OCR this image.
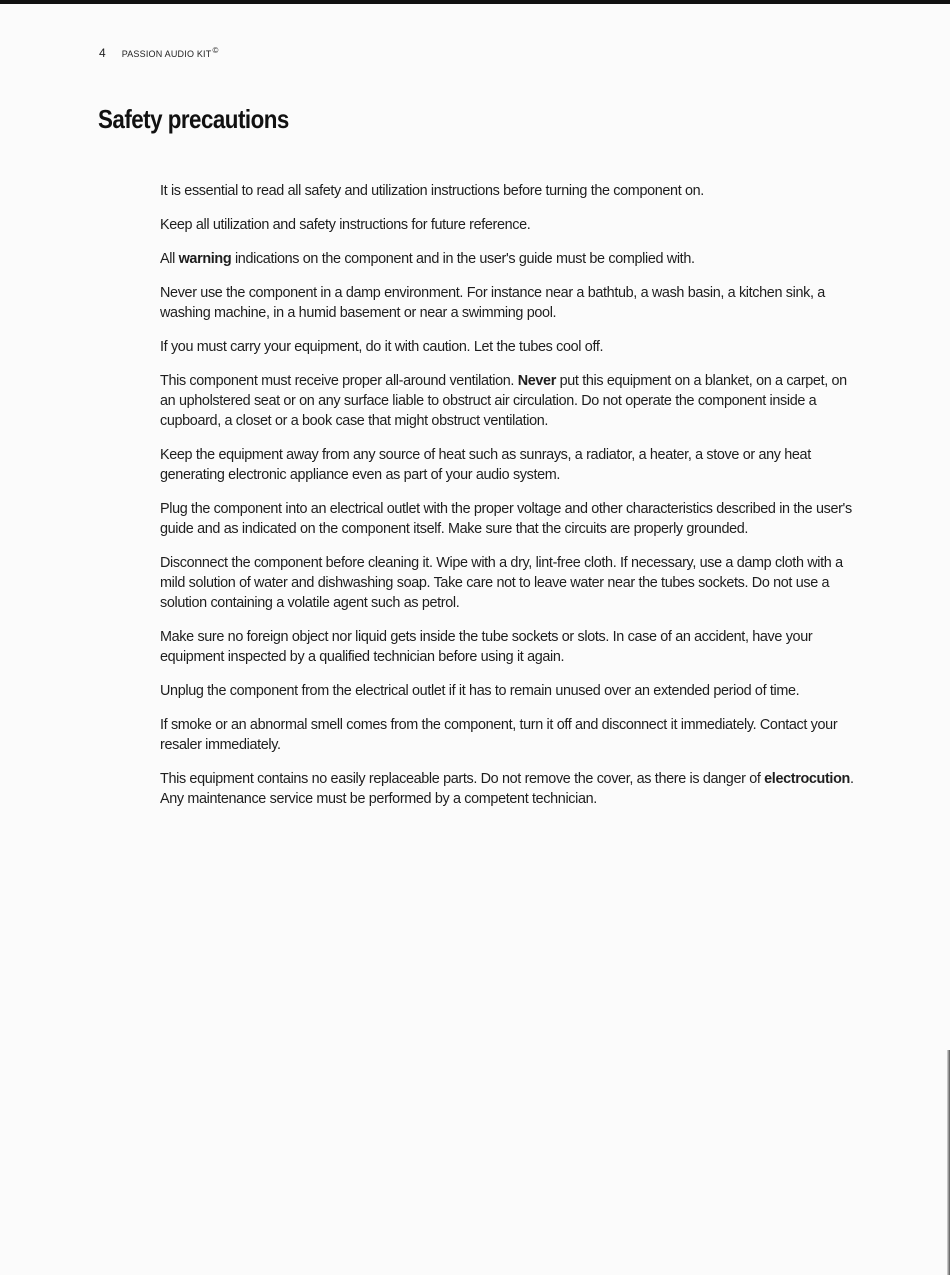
4 PASSION AUDIO KIT©
Safety precautions

It is essential to read all safety and utilization instructions before turning the component on.

Keep all utilization and safety instructions for future reference.

All warning indications on the component and in the user's guide must be complied with.

Never use the component in a damp environment. For instance near a bathtub, a wash basin, a kitchen sink, a washing machine, in a humid basement or near a swimming pool.

If you must carry your equipment, do it with caution. Let the tubes cool off.

This component must receive proper all-around ventilation. Never put this equipment on a blanket, on a carpet, on an upholstered seat or on any surface liable to obstruct air circulation. Do not operate the component inside a cupboard, a closet or a book case that might obstruct ventilation.

Keep the equipment away from any source of heat such as sunrays, a radiator, a heater, a stove or any heat generating electronic appliance even as part of your audio system.

Plug the component into an electrical outlet with the proper voltage and other characteristics described in the user's guide and as indicated on the component itself. Make sure that the circuits are properly grounded.

Disconnect the component before cleaning it. Wipe with a dry, lint-free cloth. If necessary, use a damp cloth with a mild solution of water and dishwashing soap. Take care not to leave water near the tubes sockets. Do not use a solution containing a volatile agent such as petrol.

Make sure no foreign object nor liquid gets inside the tube sockets or slots. In case of an accident, have your equipment inspected by a qualified technician before using it again.

Unplug the component from the electrical outlet if it has to remain unused over an extended period of time.

If smoke or an abnormal smell comes from the component, turn it off and disconnect it immediately. Contact your resaler immediately.

This equipment contains no easily replaceable parts. Do not remove the cover, as there is danger of electrocution. Any maintenance service must be performed by a competent technician.
